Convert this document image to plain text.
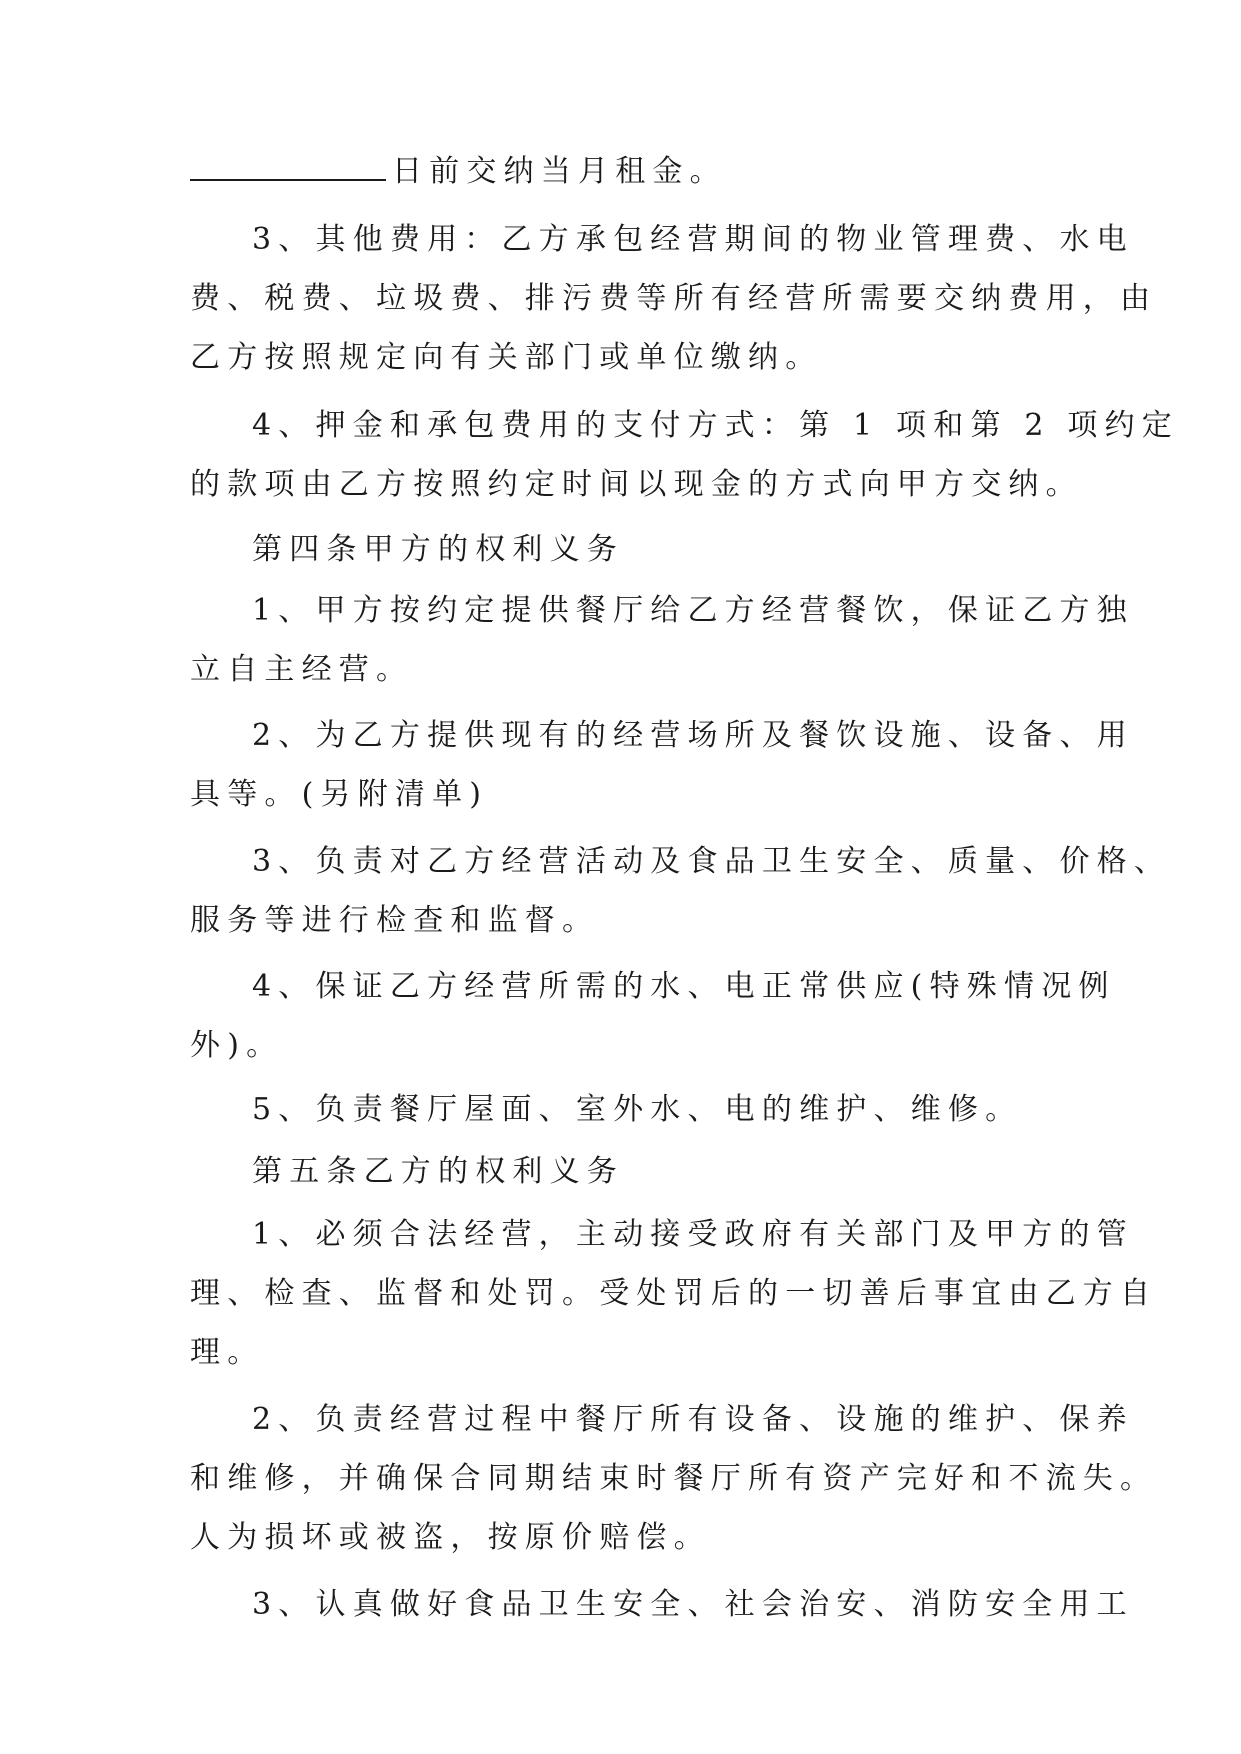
日前交纳当月租金。
3、其他费用：乙方承包经营期间的物业管理费、水电
费、税费、垃圾费、排污费等所有经营所需要交纳费用，由
乙方按照规定向有关部门或单位缴纳。
4、押金和承包费用的支付方式：第 1 项和第 2 项约定
的款项由乙方按照约定时间以现金的方式向甲方交纳。
第四条甲方的权利义务
1、甲方按约定提供餐厅给乙方经营餐饮，保证乙方独
立自主经营。
2、为乙方提供现有的经营场所及餐饮设施、设备、用
具等。(另附清单)
3、负责对乙方经营活动及食品卫生安全、质量、价格、
服务等进行检查和监督。
4、保证乙方经营所需的水、电正常供应(特殊情况例
外)。
5、负责餐厅屋面、室外水、电的维护、维修。
第五条乙方的权利义务
1、必须合法经营，主动接受政府有关部门及甲方的管
理、检查、监督和处罚。受处罚后的一切善后事宜由乙方自
理。
2、负责经营过程中餐厅所有设备、设施的维护、保养
和维修，并确保合同期结束时餐厅所有资产完好和不流失。
人为损坏或被盗，按原价赔偿。
3、认真做好食品卫生安全、社会治安、消防安全用工
